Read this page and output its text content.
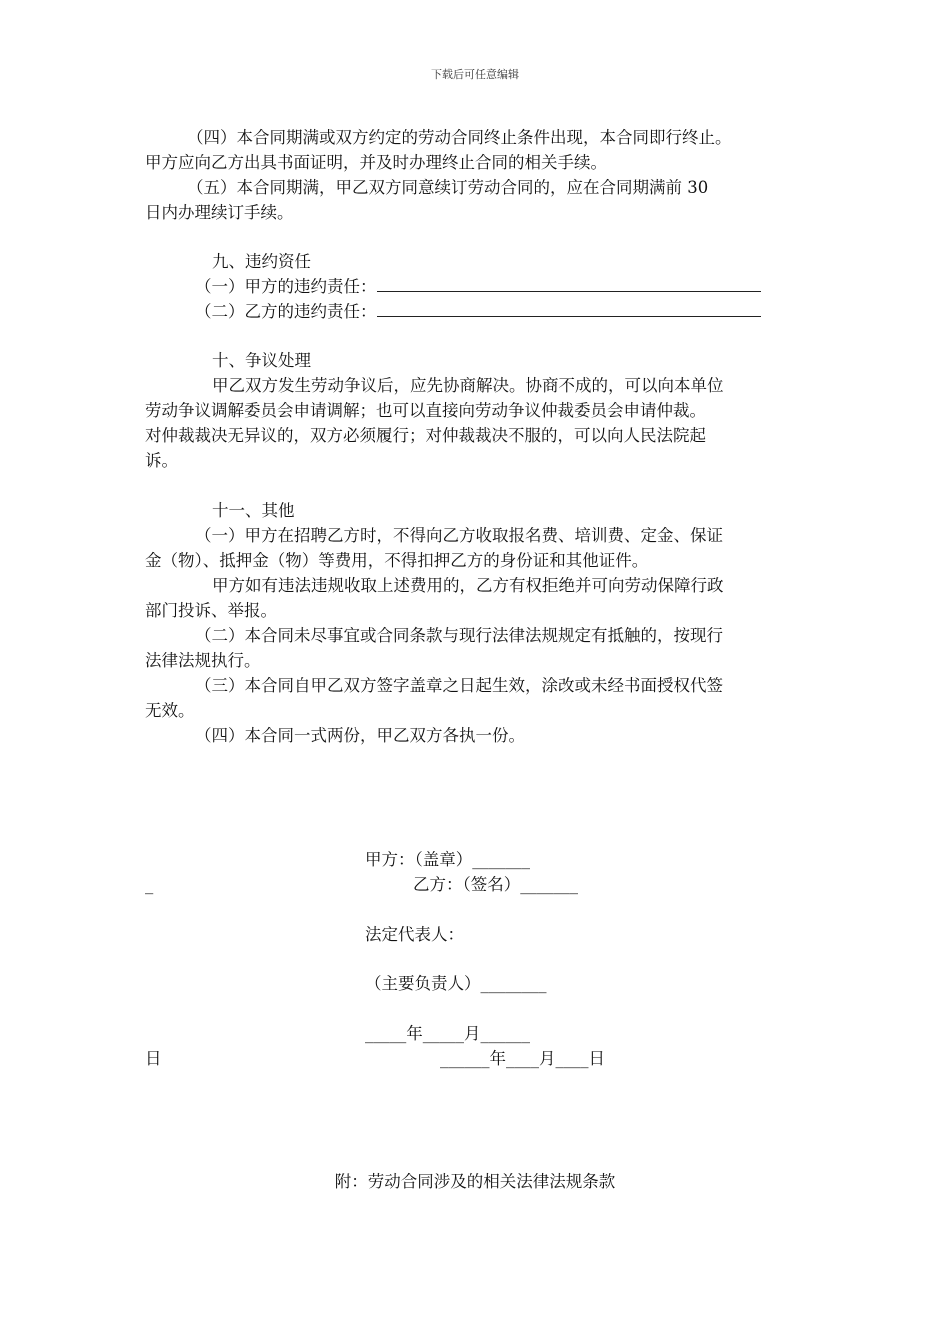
下载后可任意编辑
（四）本合同期满或双方约定的劳动合同终止条件出现，本合同即行终止。
甲方应向乙方出具书面证明，并及时办理终止合同的相关手续。
（五）本合同期满，甲乙双方同意续订劳动合同的，应在合同期满前 30
日内办理续订手续。
九、违约资任
（一）甲方的违约责任：
（二）乙方的违约责任：
十、争议处理
甲乙双方发生劳动争议后，应先协商解决。协商不成的，可以向本单位
劳动争议调解委员会申请调解；也可以直接向劳动争议仲裁委员会申请仲裁。
对仲裁裁决无异议的，双方必须履行；对仲裁裁决不服的，可以向人民法院起
诉。
十一、其他
（一）甲方在招聘乙方时，不得向乙方收取报名费、培训费、定金、保证
金（物）、抵押金（物）等费用，不得扣押乙方的身份证和其他证件。
甲方如有违法违规收取上述费用的，乙方有权拒绝并可向劳动保障行政
部门投诉、举报。
（二）本合同未尽事宜或合同条款与现行法律法规规定有抵触的，按现行
法律法规执行。
（三）本合同自甲乙双方签字盖章之日起生效，涂改或未经书面授权代签
无效。
（四）本合同一式两份，甲乙双方各执一份。
甲方：（盖章）_______
_	乙方：（签名）_______
法定代表人：
（主要负责人）________
_____年_____月______
日	______年____月____日
附：劳动合同涉及的相关法律法规条款
